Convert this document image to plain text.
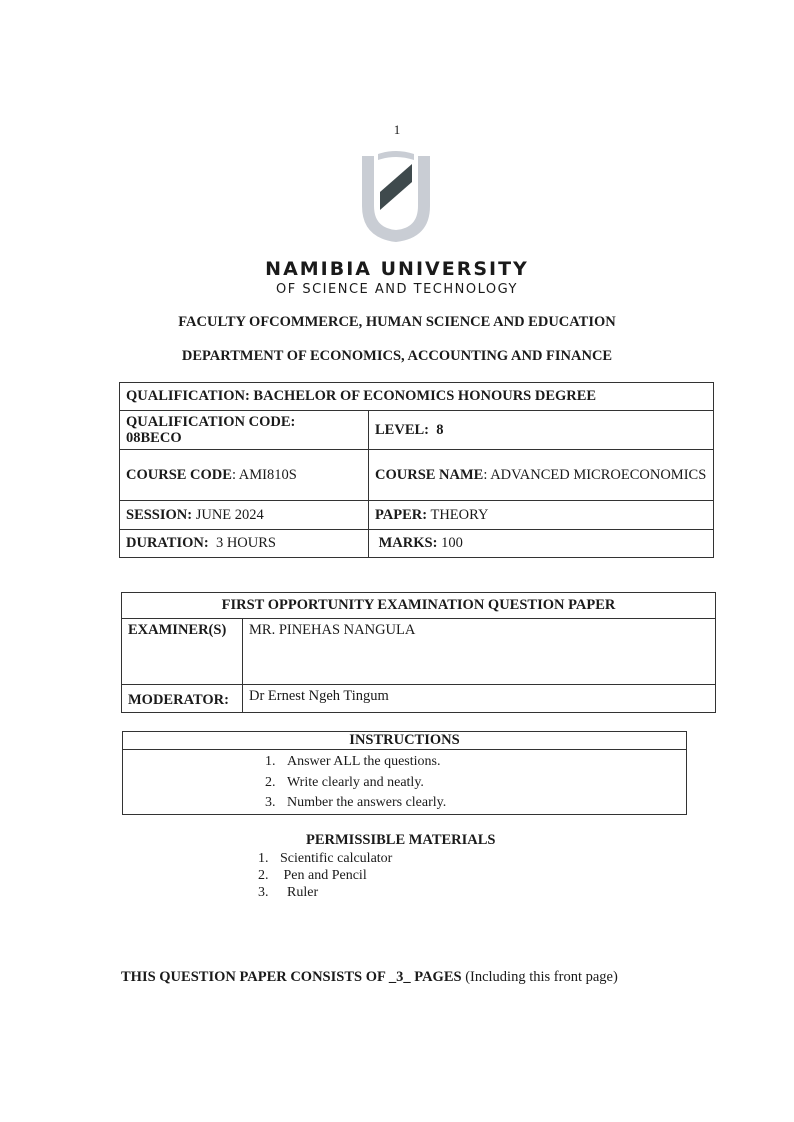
1
NAMIBIA UNIVERSITY
OF SCIENCE AND TECHNOLOGY
FACULTY OFCOMMERCE, HUMAN SCIENCE AND EDUCATION
DEPARTMENT OF ECONOMICS, ACCOUNTING AND FINANCE
QUALIFICATION: BACHELOR OF ECONOMICS HONOURS DEGREE	
QUALIFICATION CODE:
08BECO	LEVEL: 8
COURSE CODE: AMI810S	COURSE NAME: ADVANCED MICROECONOMICS
SESSION: JUNE 2024	PAPER: THEORY
DURATION:  3 HOURS	MARKS: 100
FIRST OPPORTUNITY EXAMINATION QUESTION PAPER	
EXAMINER(S)	MR. PINEHAS NANGULA
MODERATOR:	Dr Ernest Ngeh Tingum
INSTRUCTIONS
1. Answer ALL the questions.
2. Write clearly and neatly.
3. Number the answers clearly.
PERMISSIBLE MATERIALS
1. Scientific calculator
2. Pen and Pencil
3. Ruler
THIS QUESTION PAPER CONSISTS OF _3_ PAGES (Including this front page)
